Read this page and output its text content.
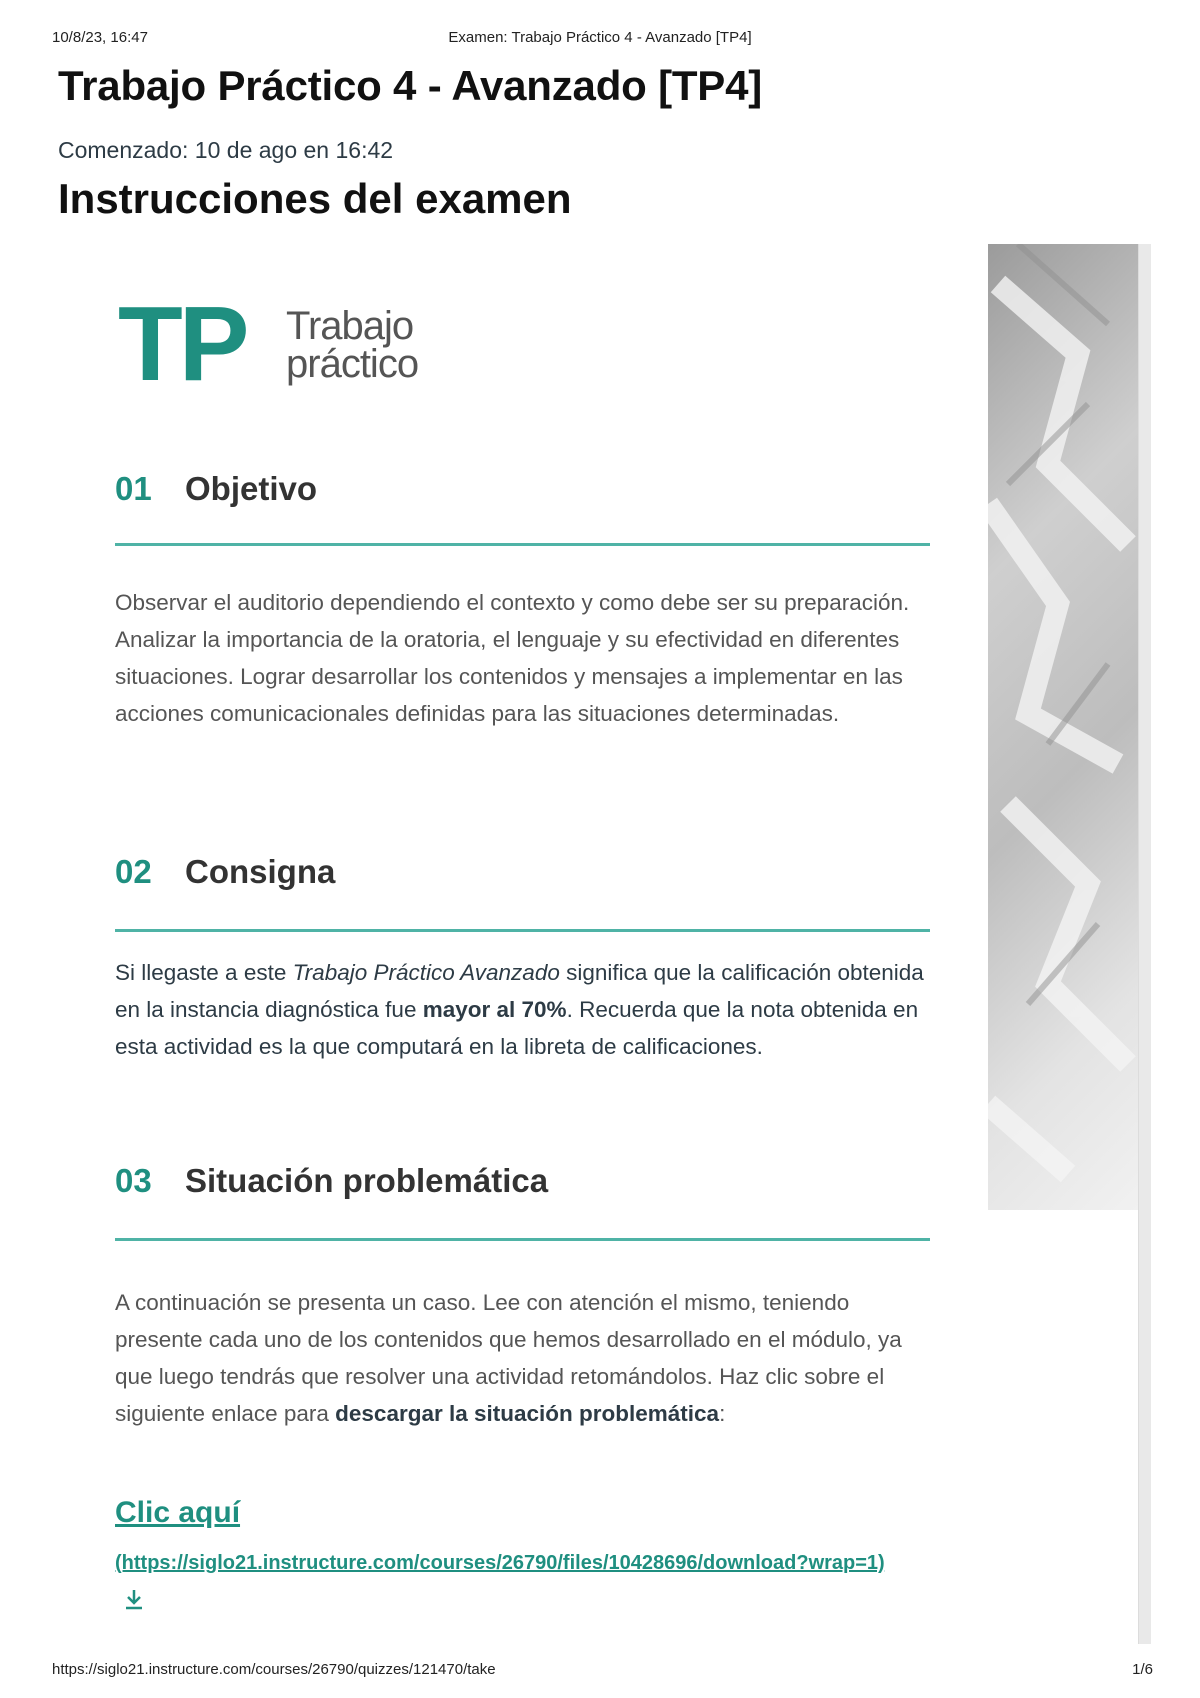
10/8/23, 16:47	Examen: Trabajo Práctico 4 - Avanzado [TP4]
Trabajo Práctico 4 - Avanzado [TP4]
Comenzado: 10 de ago en 16:42
Instrucciones del examen
TP Trabajo
práctico
01 Objetivo

Observar el auditorio dependiendo el contexto y como debe ser su preparación. Analizar la importancia de la oratoria, el lenguaje y su efectividad en diferentes situaciones. Lograr desarrollar los contenidos y mensajes a implementar en las acciones comunicacionales definidas para las situaciones determinadas.

02 Consigna

Si llegaste a este Trabajo Práctico Avanzado significa que la calificación obtenida en la instancia diagnóstica fue mayor al 70%. Recuerda que la nota obtenida en esta actividad es la que computará en la libreta de calificaciones.

03 Situación problemática

A continuación se presenta un caso. Lee con atención el mismo, teniendo presente cada uno de los contenidos que hemos desarrollado en el módulo, ya que luego tendrás que resolver una actividad retomándolos. Haz clic sobre el siguiente enlace para descargar la situación problemática:

Clic aquí
(https://siglo21.instructure.com/courses/26790/files/10428696/download?wrap=1)
https://siglo21.instructure.com/courses/26790/quizzes/121470/take	1/6
